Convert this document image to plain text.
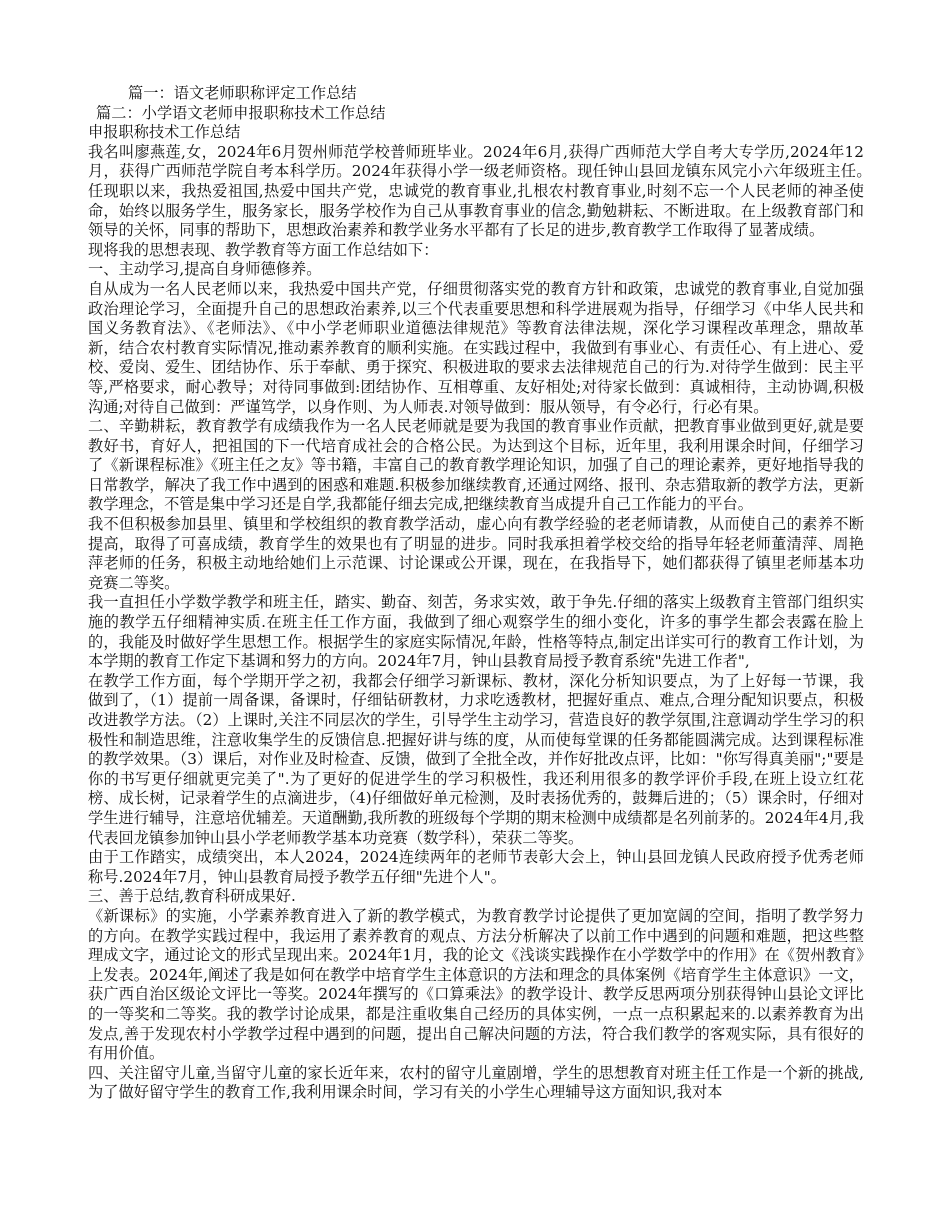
篇一：语文老师职称评定工作总结

篇二：小学语文老师申报职称技术工作总结

申报职称技术工作总结

我名叫廖燕莲,女，2024年6月贺州师范学校普师班毕业。2024年6月,获得广西师范大学自考大专学历,2024年12月，获得广西师范学院自考本科学历。2024年获得小学一级老师资格。现任钟山县回龙镇东风完小六年级班主任。　任现职以来，我热爱祖国,热爱中国共产党，忠诚党的教育事业,扎根农村教育事业,时刻不忘一个人民老师的神圣使命，始终以服务学生，服务家长，服务学校作为自己从事教育事业的信念,勤勉耕耘、不断进取。在上级教育部门和领导的关怀，同事的帮助下，思想政治素养和教学业务水平都有了长足的进步,教育教学工作取得了显著成绩。

现将我的思想表现、教学教育等方面工作总结如下：

一、主动学习,提高自身师德修养。

自从成为一名人民老师以来，我热爱中国共产党，仔细贯彻落实党的教育方针和政策，忠诚党的教育事业,自觉加强政治理论学习，全面提升自己的思想政治素养,以三个代表重要思想和科学进展观为指导，仔细学习《中华人民共和国义务教育法》、《老师法》、《中小学老师职业道德法律规范》等教育法律法规，深化学习课程改革理念，鼎故革新，结合农村教育实际情况,推动素养教育的顺利实施。在实践过程中，我做到有事业心、有责任心、有上进心、爱校、爱岗、爱生、团结协作、乐于奉献、勇于探究、积极进取的要求去法律规范自己的行为.对待学生做到：民主平等,严格要求，耐心教导；对待同事做到:团结协作、互相尊重、友好相处;对待家长做到：真诚相待，主动协调,积极沟通;对待自己做到：严谨笃学，以身作则、为人师表.对领导做到：服从领导，有令必行，行必有果。

二、辛勤耕耘，教育教学有成绩我作为一名人民老师就是要为我国的教育事业作贡献，把教育事业做到更好,就是要教好书，育好人，把祖国的下一代培育成社会的合格公民。为达到这个目标，近年里，我利用课余时间，仔细学习了《新课程标准》《班主任之友》等书籍，丰富自己的教育教学理论知识，加强了自己的理论素养，更好地指导我的日常教学，解决了我工作中遇到的困惑和难题.积极参加继续教育,还通过网络、报刊、杂志猎取新的教学方法，更新教学理念，不管是集中学习还是自学,我都能仔细去完成,把继续教育当成提升自己工作能力的平台。

我不但积极参加县里、镇里和学校组织的教育教学活动，虚心向有教学经验的老老师请教，从而使自己的素养不断提高，取得了可喜成绩，教育学生的效果也有了明显的进步。同时我承担着学校交给的指导年轻老师董清萍、周艳萍老师的任务，积极主动地给她们上示范课、讨论课或公开课，现在，在我指导下，她们都获得了镇里老师基本功竞赛二等奖。

我一直担任小学数学教学和班主任，踏实、勤奋、刻苦，务求实效，敢于争先.仔细的落实上级教育主管部门组织实施的教学五仔细精神实质.在班主任工作方面，我做到了细心观察学生的细小变化，许多的事学生都会表露在脸上的，我能及时做好学生思想工作。根据学生的家庭实际情况,年龄，性格等特点,制定出详实可行的教育工作计划，为本学期的教育工作定下基调和努力的方向。2024年7月，钟山县教育局授予教育系统"先进工作者",

在教学工作方面，每个学期开学之初，我都会仔细学习新课标、教材，深化分析知识要点，为了上好每一节课，我做到了，（1）提前一周备课，备课时，仔细钻研教材，力求吃透教材，把握好重点、难点,合理分配知识要点，积极改进教学方法。（2）上课时,关注不同层次的学生，引导学生主动学习，营造良好的教学氛围,注意调动学生学习的积极性和制造思维，注意收集学生的反馈信息.把握好讲与练的度，从而使每堂课的任务都能圆满完成。达到课程标准的教学效果。（3）课后，对作业及时检查、反馈，做到了全批全改，并作好批改点评，比如："你写得真美丽";"要是你的书写更仔细就更完美了".为了更好的促进学生的学习积极性，我还利用很多的教学评价手段,在班上设立红花榜、成长树，记录着学生的点滴进步，（4)仔细做好单元检测，及时表扬优秀的，鼓舞后进的；（5）课余时，仔细对学生进行辅导，注意培优辅差。天道酬勤,我所教的班级每个学期的期末检测中成绩都是名列前茅的。2024年4月,我代表回龙镇参加钟山县小学老师教学基本功竞赛（数学科），荣获二等奖。

由于工作踏实，成绩突出，本人2024，2024连续两年的老师节表彰大会上，钟山县回龙镇人民政府授予优秀老师称号.2024年7月，钟山县教育局授予教学五仔细"先进个人"。

三、善于总结,教育科研成果好.

《新课标》的实施，小学素养教育进入了新的教学模式，为教育教学讨论提供了更加宽阔的空间，指明了教学努力的方向。在教学实践过程中，我运用了素养教育的观点、方法分析解决了以前工作中遇到的问题和难题，把这些整理成文字，通过论文的形式呈现出来。2024年1月，我的论文《浅谈实践操作在小学数学中的作用》在《贺州教育》上发表。2024年,阐述了我是如何在教学中培育学生主体意识的方法和理念的具体案例《培育学生主体意识》一文，获广西自治区级论文评比一等奖。2024年撰写的《口算乘法》的教学设计、教学反思两项分别获得钟山县论文评比的一等奖和二等奖。我的教学讨论成果，都是注重收集自己经历的具体实例，一点一点积累起来的.以素养教育为出发点,善于发现农村小学教学过程中遇到的问题，提出自己解决问题的方法，符合我们教学的客观实际，具有很好的有用价值。

四、关注留守儿童,当留守儿童的家长近年来，农村的留守儿童剧增，学生的思想教育对班主任工作是一个新的挑战,为了做好留守学生的教育工作,我利用课余时间，学习有关的小学生心理辅导这方面知识,我对本
